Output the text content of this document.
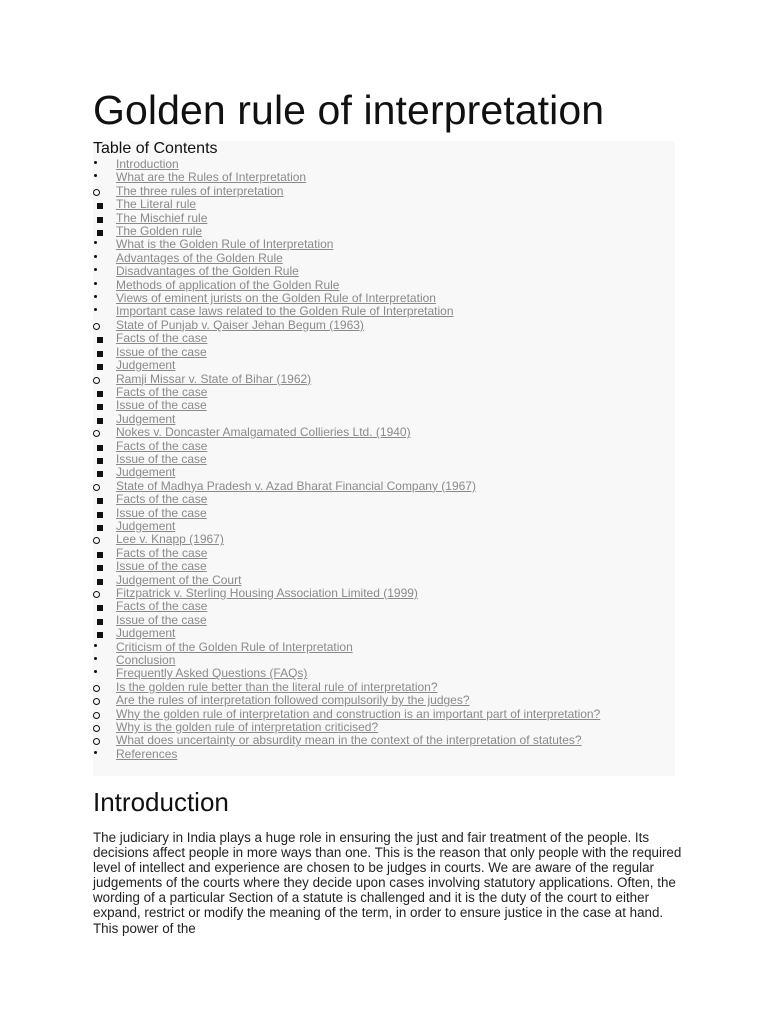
Golden rule of interpretation
Table of Contents
Introduction
What are the Rules of Interpretation
The three rules of interpretation
The Literal rule
The Mischief rule
The Golden rule
What is the Golden Rule of Interpretation
Advantages of the Golden Rule
Disadvantages of the Golden Rule
Methods of application of the Golden Rule
Views of eminent jurists on the Golden Rule of Interpretation
Important case laws related to the Golden Rule of Interpretation
State of Punjab v. Qaiser Jehan Begum (1963)
Facts of the case
Issue of the case
Judgement
Ramji Missar v. State of Bihar (1962)
Facts of the case
Issue of the case
Judgement
Nokes v. Doncaster Amalgamated Collieries Ltd. (1940)
Facts of the case
Issue of the case
Judgement
State of Madhya Pradesh v. Azad Bharat Financial Company (1967)
Facts of the case
Issue of the case
Judgement
Lee v. Knapp (1967)
Facts of the case
Issue of the case
Judgement of the Court
Fitzpatrick v. Sterling Housing Association Limited (1999)
Facts of the case
Issue of the case
Judgement
Criticism of the Golden Rule of Interpretation
Conclusion
Frequently Asked Questions (FAQs)
Is the golden rule better than the literal rule of interpretation?
Are the rules of interpretation followed compulsorily by the judges?
Why the golden rule of interpretation and construction is an important part of interpretation?
Why is the golden rule of interpretation criticised?
What does uncertainty or absurdity mean in the context of the interpretation of statutes?
References
Introduction

The judiciary in India plays a huge role in ensuring the just and fair treatment of the people. Its decisions affect people in more ways than one. This is the reason that only people with the required level of intellect and experience are chosen to be judges in courts. We are aware of the regular judgements of the courts where they decide upon cases involving statutory applications. Often, the wording of a particular Section of a statute is challenged and it is the duty of the court to either expand, restrict or modify the meaning of the term, in order to ensure justice in the case at hand. This power of the
